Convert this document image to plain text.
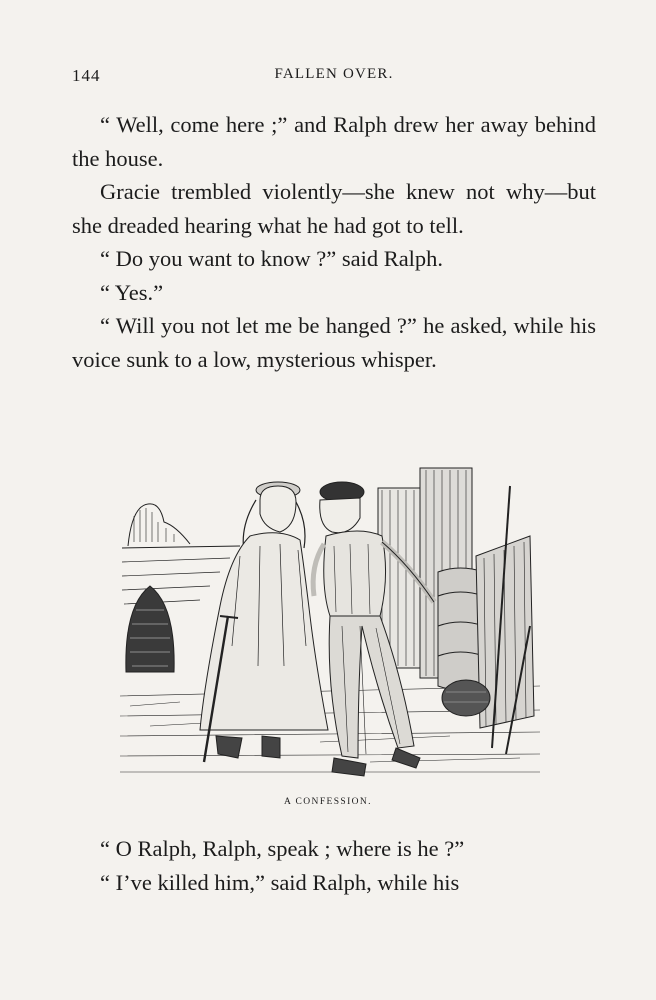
144	FALLEN OVER.

“ Well, come here ;” and Ralph drew her away behind the house.

Gracie trembled violently—she knew not why—but she dreaded hearing what he had got to tell.

“ Do you want to know ?” said Ralph.

“ Yes.”

“ Will you not let me be hanged ?” he asked, while his voice sunk to a low, mysterious whisper.

A CONFESSION.

“ O Ralph, Ralph, speak ; where is he ?”

“ I’ve killed him,” said Ralph, while his
